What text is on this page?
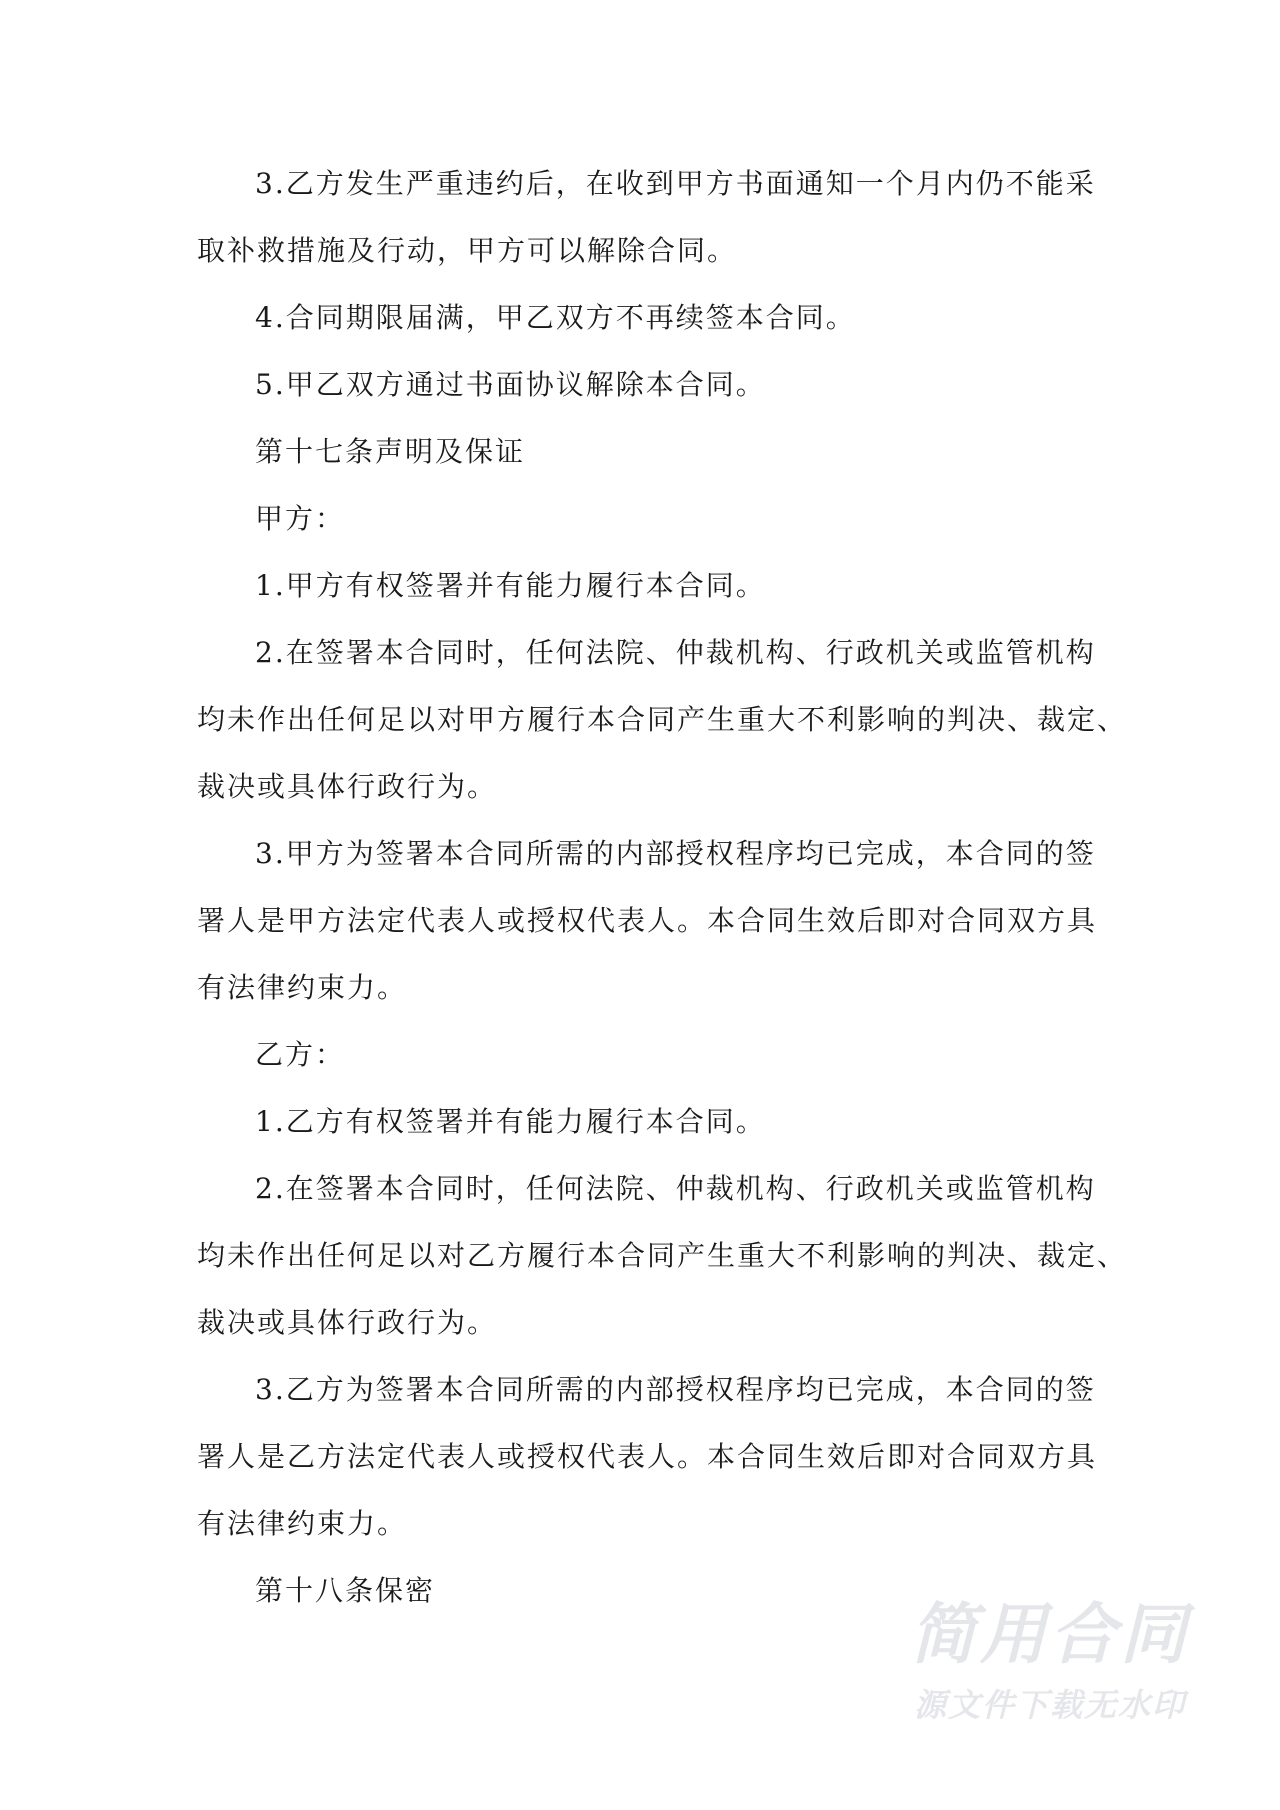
3.乙方发生严重违约后，在收到甲方书面通知一个月内仍不能采
取补救措施及行动，甲方可以解除合同。

4.合同期限届满，甲乙双方不再续签本合同。

5.甲乙双方通过书面协议解除本合同。

第十七条声明及保证

甲方：

1.甲方有权签署并有能力履行本合同。

2.在签署本合同时，任何法院、仲裁机构、行政机关或监管机构
均未作出任何足以对甲方履行本合同产生重大不利影响的判决、裁定、
裁决或具体行政行为。

3.甲方为签署本合同所需的内部授权程序均已完成，本合同的签
署人是甲方法定代表人或授权代表人。本合同生效后即对合同双方具
有法律约束力。

乙方：

1.乙方有权签署并有能力履行本合同。

2.在签署本合同时，任何法院、仲裁机构、行政机关或监管机构
均未作出任何足以对乙方履行本合同产生重大不利影响的判决、裁定、
裁决或具体行政行为。

3.乙方为签署本合同所需的内部授权程序均已完成，本合同的签
署人是乙方法定代表人或授权代表人。本合同生效后即对合同双方具
有法律约束力。

第十八条保密

简用合同
源文件下载无水印
